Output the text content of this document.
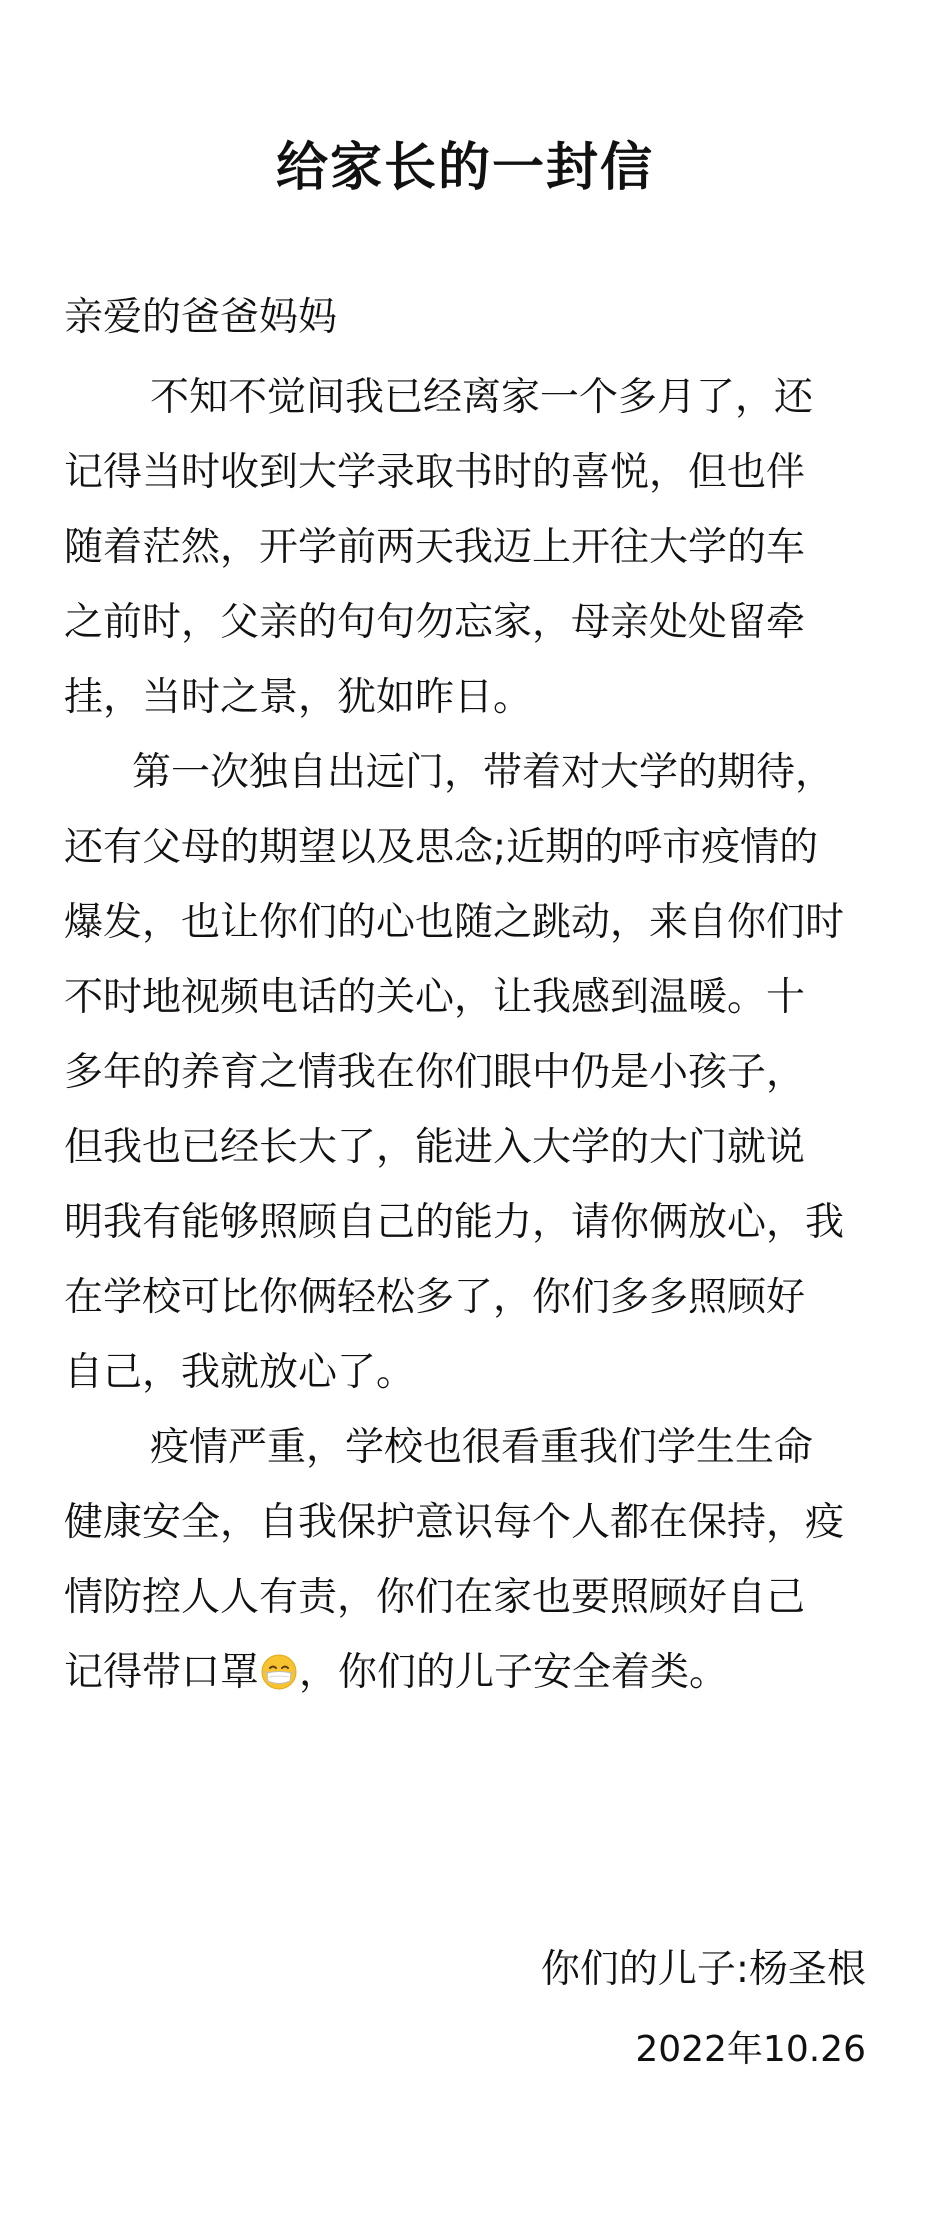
给家长的一封信
亲爱的爸爸妈妈
不知不觉间我已经离家一个多月了，还
记得当时收到大学录取书时的喜悦，但也伴
随着茫然，开学前两天我迈上开往大学的车
之前时，父亲的句句勿忘家，母亲处处留牵
挂，当时之景，犹如昨日。
第一次独自出远门，带着对大学的期待，
还有父母的期望以及思念;近期的呼市疫情的
爆发，也让你们的心也随之跳动，来自你们时
不时地视频电话的关心，让我感到温暖。十
多年的养育之情我在你们眼中仍是小孩子，
但我也已经长大了，能进入大学的大门就说
明我有能够照顾自己的能力，请你俩放心，我
在学校可比你俩轻松多了，你们多多照顾好
自己，我就放心了。
疫情严重，学校也很看重我们学生生命
健康安全，自我保护意识每个人都在保持，疫
情防控人人有责，你们在家也要照顾好自己
记得带口罩 ，你们的儿子安全着类。
你们的儿子:杨圣根
2022年10.26
